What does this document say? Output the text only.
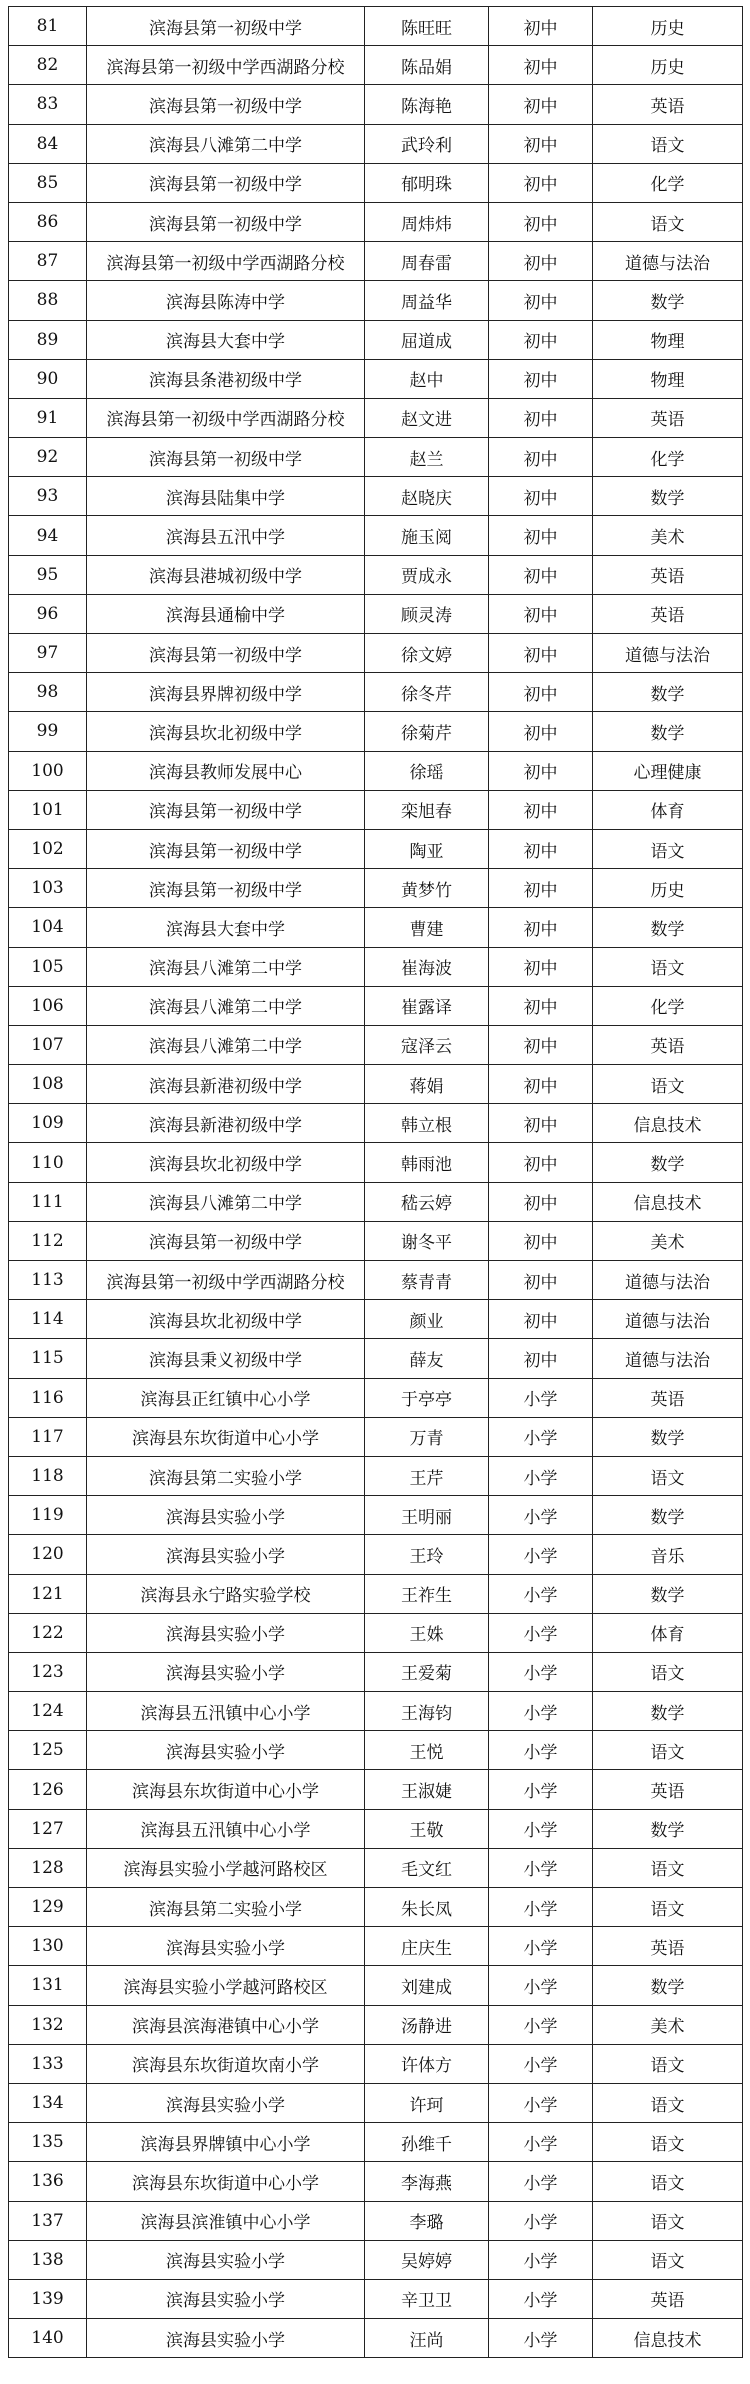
81	滨海县第一初级中学	陈旺旺	初中	历史
82	滨海县第一初级中学西湖路分校	陈品娟	初中	历史
83	滨海县第一初级中学	陈海艳	初中	英语
84	滨海县八滩第二中学	武玲利	初中	语文
85	滨海县第一初级中学	郁明珠	初中	化学
86	滨海县第一初级中学	周炜炜	初中	语文
87	滨海县第一初级中学西湖路分校	周春雷	初中	道德与法治
88	滨海县陈涛中学	周益华	初中	数学
89	滨海县大套中学	屈道成	初中	物理
90	滨海县条港初级中学	赵中	初中	物理
91	滨海县第一初级中学西湖路分校	赵文进	初中	英语
92	滨海县第一初级中学	赵兰	初中	化学
93	滨海县陆集中学	赵晓庆	初中	数学
94	滨海县五汛中学	施玉阅	初中	美术
95	滨海县港城初级中学	贾成永	初中	英语
96	滨海县通榆中学	顾灵涛	初中	英语
97	滨海县第一初级中学	徐文婷	初中	道德与法治
98	滨海县界牌初级中学	徐冬芹	初中	数学
99	滨海县坎北初级中学	徐菊芹	初中	数学
100	滨海县教师发展中心	徐瑶	初中	心理健康
101	滨海县第一初级中学	栾旭春	初中	体育
102	滨海县第一初级中学	陶亚	初中	语文
103	滨海县第一初级中学	黄梦竹	初中	历史
104	滨海县大套中学	曹建	初中	数学
105	滨海县八滩第二中学	崔海波	初中	语文
106	滨海县八滩第二中学	崔露译	初中	化学
107	滨海县八滩第二中学	寇泽云	初中	英语
108	滨海县新港初级中学	蒋娟	初中	语文
109	滨海县新港初级中学	韩立根	初中	信息技术
110	滨海县坎北初级中学	韩雨池	初中	数学
111	滨海县八滩第二中学	嵇云婷	初中	信息技术
112	滨海县第一初级中学	谢冬平	初中	美术
113	滨海县第一初级中学西湖路分校	蔡青青	初中	道德与法治
114	滨海县坎北初级中学	颜业	初中	道德与法治
115	滨海县秉义初级中学	薛友	初中	道德与法治
116	滨海县正红镇中心小学	于亭亭	小学	英语
117	滨海县东坎街道中心小学	万青	小学	数学
118	滨海县第二实验小学	王芹	小学	语文
119	滨海县实验小学	王明丽	小学	数学
120	滨海县实验小学	王玲	小学	音乐
121	滨海县永宁路实验学校	王祚生	小学	数学
122	滨海县实验小学	王姝	小学	体育
123	滨海县实验小学	王爱菊	小学	语文
124	滨海县五汛镇中心小学	王海钧	小学	数学
125	滨海县实验小学	王悦	小学	语文
126	滨海县东坎街道中心小学	王淑婕	小学	英语
127	滨海县五汛镇中心小学	王敬	小学	数学
128	滨海县实验小学越河路校区	毛文红	小学	语文
129	滨海县第二实验小学	朱长凤	小学	语文
130	滨海县实验小学	庄庆生	小学	英语
131	滨海县实验小学越河路校区	刘建成	小学	数学
132	滨海县滨海港镇中心小学	汤静进	小学	美术
133	滨海县东坎街道坎南小学	许体方	小学	语文
134	滨海县实验小学	许珂	小学	语文
135	滨海县界牌镇中心小学	孙维千	小学	语文
136	滨海县东坎街道中心小学	李海燕	小学	语文
137	滨海县滨淮镇中心小学	李璐	小学	语文
138	滨海县实验小学	吴婷婷	小学	语文
139	滨海县实验小学	辛卫卫	小学	英语
140	滨海县实验小学	汪尚	小学	信息技术
